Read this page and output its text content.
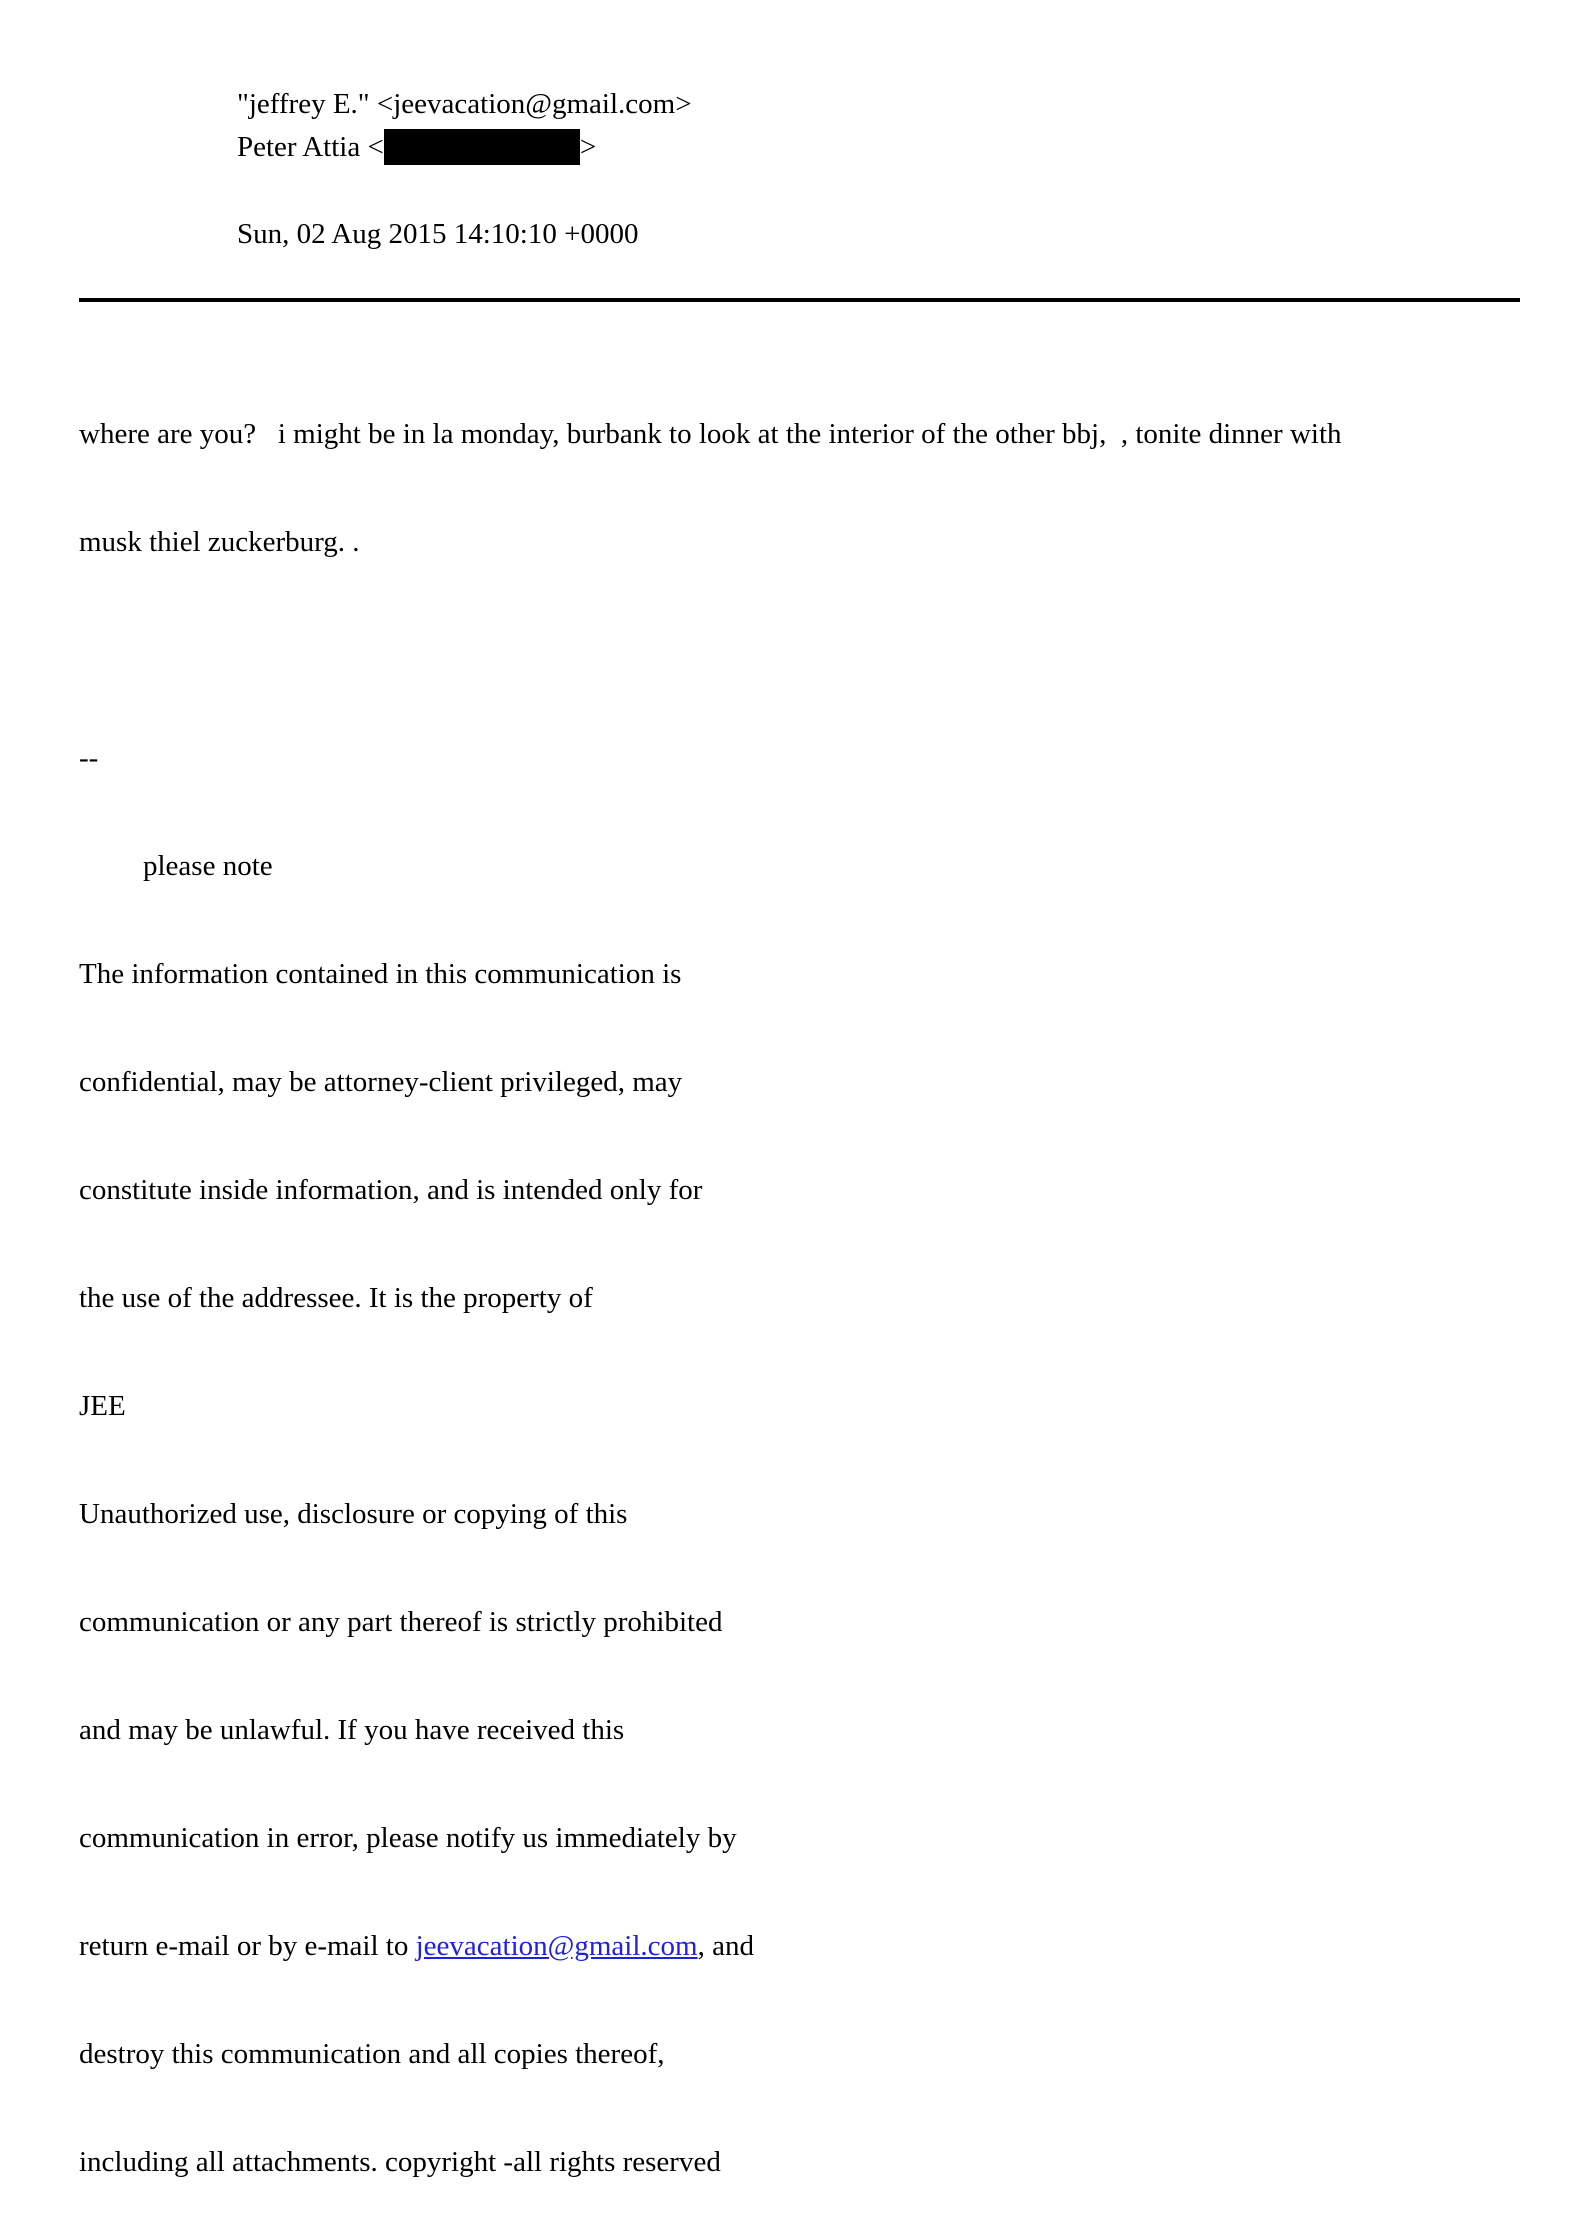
"jeffrey E." <jeevacation@gmail.com>
Peter Attia <	>
Sun, 02 Aug 2015 14:10:10 +0000

where are you?   i might be in la monday, burbank to look at the interior of the other bbj,  , tonite dinner with

musk thiel zuckerburg. .

--

please note

The information contained in this communication is

confidential, may be attorney-client privileged, may

constitute inside information, and is intended only for

the use of the addressee. It is the property of

JEE

Unauthorized use, disclosure or copying of this

communication or any part thereof is strictly prohibited

and may be unlawful. If you have received this

communication in error, please notify us immediately by

return e-mail or by e-mail to jeevacation@gmail.com, and

destroy this communication and all copies thereof,

including all attachments. copyright -all rights reserved
